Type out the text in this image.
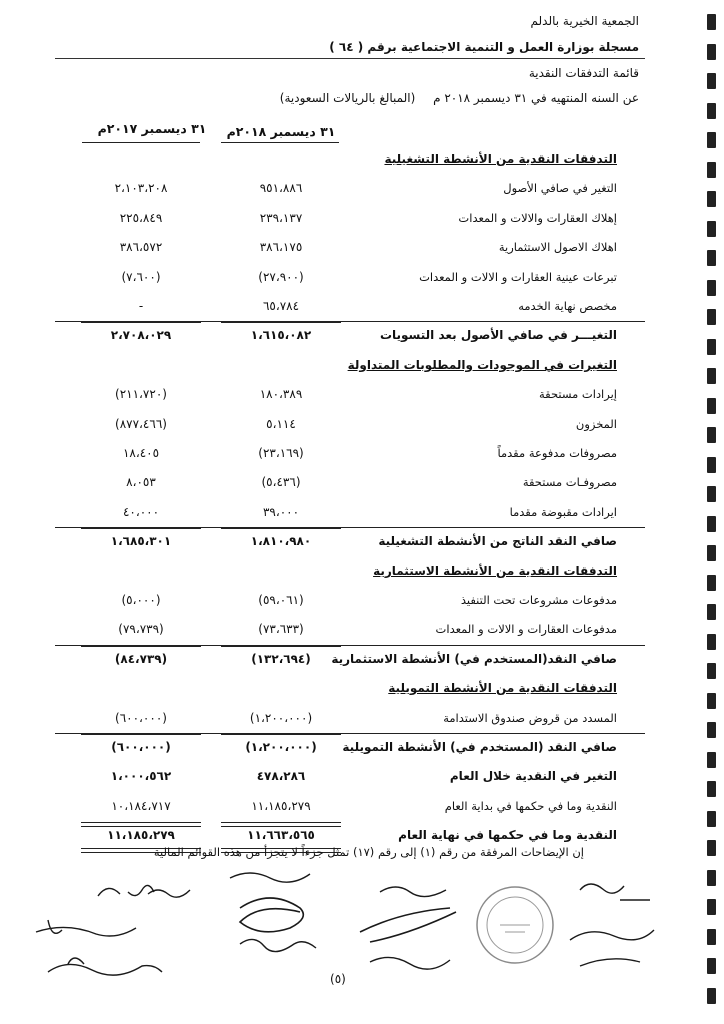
الجمعية الخيرية بالدلم
مسجلة بوزارة العمل و التنمية الاجتماعية برقم ( ٦٤ )
قائمة التدفقات النقدية
عن السنه المنتهيه في ٣١ ديسمبر ٢٠١٨ م (المبالغ بالريالات السعودية)
٣١ ديسمبر ٢٠١٨م
٣١ ديسمبر ٢٠١٧م
التدفقات النقدية من الأنشطة التشغيلية
التغير في صافي الأصول
٩٥١،٨٨٦
٢،١٠٣،٢٠٨
إهلاك العقارات والالات و المعدات
٢٣٩،١٣٧
٢٢٥،٨٤٩
اهلاك الاصول الاستثمارية
٣٨٦،١٧٥
٣٨٦،٥٧٢
تبرعات عينية العقارات و الالات و المعدات
(٢٧،٩٠٠)
(٧،٦٠٠)
مخصص نهاية الخدمه
٦٥،٧٨٤
-
التغيـــر في صافي الأصول بعد التسويات
١،٦١٥،٠٨٢
٢،٧٠٨،٠٢٩
التغيرات في الموجودات والمطلوبات المتداولة
إيرادات مستحقة
١٨٠،٣٨٩
(٢١١،٧٢٠)
المخزون
٥،١١٤
(٨٧٧،٤٦٦)
مصروفات مدفوعة مقدماً
(٢٣،١٦٩)
١٨،٤٠٥
مصروفـات مستحقة
(٥،٤٣٦)
٨،٠٥٣
ايرادات مقبوضة مقدما
٣٩،٠٠٠
٤٠،٠٠٠
صافي النقد الناتج من الأنشطة التشغيلية
١،٨١٠،٩٨٠
١،٦٨٥،٣٠١
التدفقات النقدية من الأنشطة الاستثمارية
مدفوعات مشروعات تحت التنفيذ
(٥٩،٠٦١)
(٥،٠٠٠)
مدفوعات العقارات و الالات و المعدات
(٧٣،٦٣٣)
(٧٩،٧٣٩)
صافي النقد(المستخدم في) الأنشطة الاستثمارية
(١٣٢،٦٩٤)
(٨٤،٧٣٩)
التدفقات النقدية من الأنشطة التمويلية
المسدد من قروض صندوق الاستدامة
(١،٢٠٠،٠٠٠)
(٦٠٠،٠٠٠)
صافي النقد (المستخدم في) الأنشطة التمويلية
(١،٢٠٠،٠٠٠)
(٦٠٠،٠٠٠)
التغير في النقدية خلال العام
٤٧٨،٢٨٦
١،٠٠٠،٥٦٢
النقدية وما في حكمها في بداية العام
١١،١٨٥،٢٧٩
١٠،١٨٤،٧١٧
النقدية وما في حكمها في نهاية العام
١١،٦٦٣،٥٦٥
١١،١٨٥،٢٧٩
إن الإيضاحات المرفقة من رقم (١) إلى رقم (١٧) تمثل جزءاً لا يتجزأ من هذه القوائم المالية
(٥)
